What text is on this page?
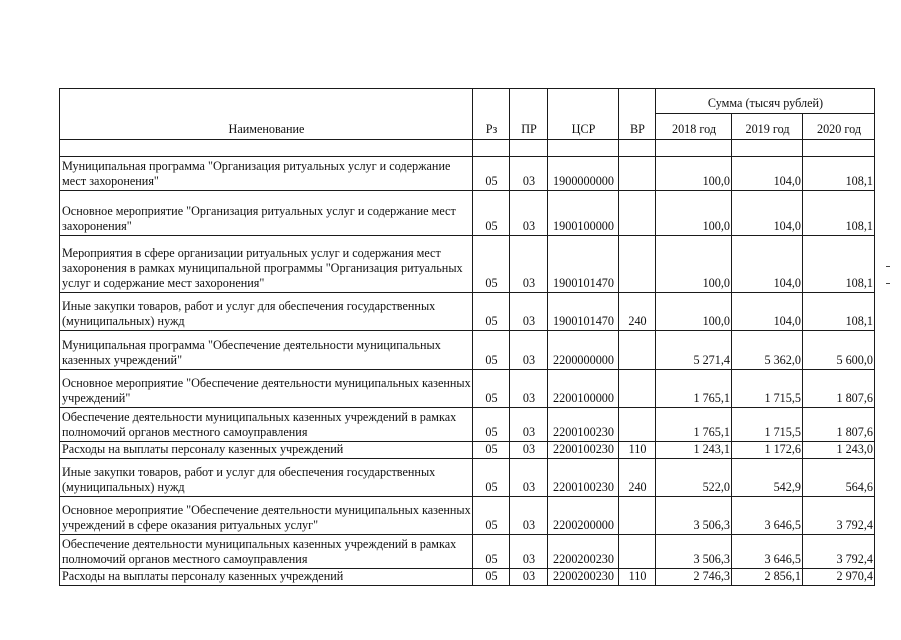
Наименование	Рз	ПР	ЦСР	ВР	Сумма (тысяч рублей)		
					2018 год	2019 год	2020 год

Муниципальная программа "Организация ритуальных услуг и содержание мест захоронения"	05	03	1900000000		100,0	104,0	108,1
Основное мероприятие "Организация ритуальных услуг и содержание мест захоронения"	05	03	1900100000		100,0	104,0	108,1
Мероприятия в сфере организации ритуальных услуг и содержания мест захоронения в рамках муниципальной программы "Организация ритуальных услуг и содержание мест захоронения"	05	03	1900101470		100,0	104,0	108,1
Иные закупки товаров, работ и услуг для обеспечения государственных (муниципальных) нужд	05	03	1900101470	240	100,0	104,0	108,1
Муниципальная программа "Обеспечение деятельности муниципальных казенных учреждений"	05	03	2200000000		5 271,4	5 362,0	5 600,0
Основное мероприятие "Обеспечение деятельности муниципальных казенных учреждений"	05	03	2200100000		1 765,1	1 715,5	1 807,6
Обеспечение деятельности муниципальных казенных учреждений в рамках полномочий органов местного самоуправления	05	03	2200100230		1 765,1	1 715,5	1 807,6
Расходы на выплаты персоналу казенных учреждений	05	03	2200100230	110	1 243,1	1 172,6	1 243,0
Иные закупки товаров, работ и услуг для обеспечения государственных (муниципальных) нужд	05	03	2200100230	240	522,0	542,9	564,6
Основное мероприятие "Обеспечение деятельности муниципальных казенных учреждений в сфере оказания ритуальных услуг"	05	03	2200200000		3 506,3	3 646,5	3 792,4
Обеспечение деятельности муниципальных казенных учреждений в рамках полномочий органов местного самоуправления	05	03	2200200230		3 506,3	3 646,5	3 792,4
Расходы на выплаты персоналу казенных учреждений	05	03	2200200230	110	2 746,3	2 856,1	2 970,4
